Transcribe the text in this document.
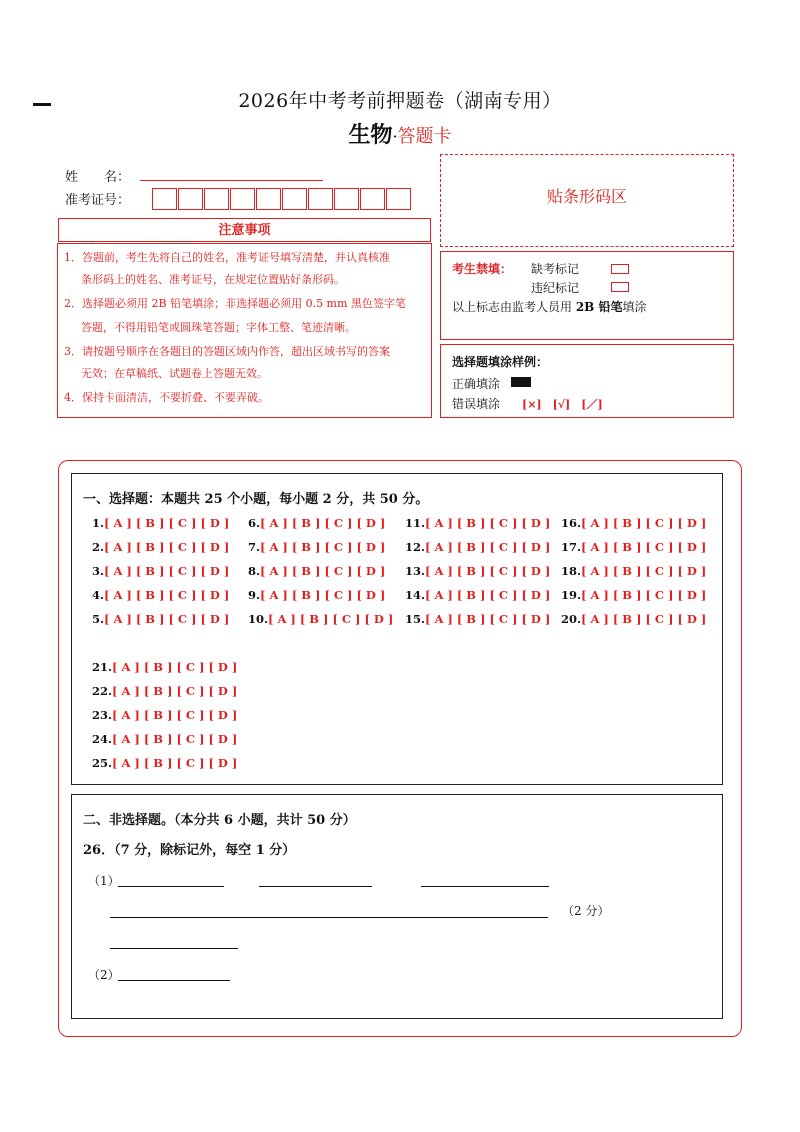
2026年中考考前押题卷（湖南专用）
生物·答题卡
姓　　名：
准考证号：
注意事项

1．答题前，考生先将自己的姓名，准考证号填写清楚，并认真核准

条形码上的姓名、准考证号，在规定位置贴好条形码。

2．选择题必须用 2B 铅笔填涂；非选择题必须用 0.5 mm 黑色签字笔

答题，不得用铅笔或圆珠笔答题；字体工整、笔迹清晰。

3．请按题号顺序在各题目的答题区域内作答，超出区域书写的答案

无效；在草稿纸、试题卷上答题无效。

4．保持卡面清洁，不要折叠、不要弄破。

贴条形码区
考生禁填： 缺考标记
违纪标记
以上标志由监考人员用 2B 铅笔填涂
选择题填涂样例：
正确填涂
错误填涂 [×]　[√]　[／]
一、选择题：本题共 25 个小题，每小题 2 分，共 50 分。
1.[ A ] [ B ] [ C ] [ D ]
2.[ A ] [ B ] [ C ] [ D ]
3.[ A ] [ B ] [ C ] [ D ]
4.[ A ] [ B ] [ C ] [ D ]
5.[ A ] [ B ] [ C ] [ D ]
6.[ A ] [ B ] [ C ] [ D ]
7.[ A ] [ B ] [ C ] [ D ]
8.[ A ] [ B ] [ C ] [ D ]
9.[ A ] [ B ] [ C ] [ D ]
10.[ A ] [ B ] [ C ] [ D ]
11.[ A ] [ B ] [ C ] [ D ]
12.[ A ] [ B ] [ C ] [ D ]
13.[ A ] [ B ] [ C ] [ D ]
14.[ A ] [ B ] [ C ] [ D ]
15.[ A ] [ B ] [ C ] [ D ]
16.[ A ] [ B ] [ C ] [ D ]
17.[ A ] [ B ] [ C ] [ D ]
18.[ A ] [ B ] [ C ] [ D ]
19.[ A ] [ B ] [ C ] [ D ]
20.[ A ] [ B ] [ C ] [ D ]
21.[ A ] [ B ] [ C ] [ D ]
22.[ A ] [ B ] [ C ] [ D ]
23.[ A ] [ B ] [ C ] [ D ]
24.[ A ] [ B ] [ C ] [ D ]
25.[ A ] [ B ] [ C ] [ D ]
二、非选择题。（本分共 6 小题，共计 50 分）
26．（7 分，除标记外，每空 1 分）
（1）
（2 分）
（2）
